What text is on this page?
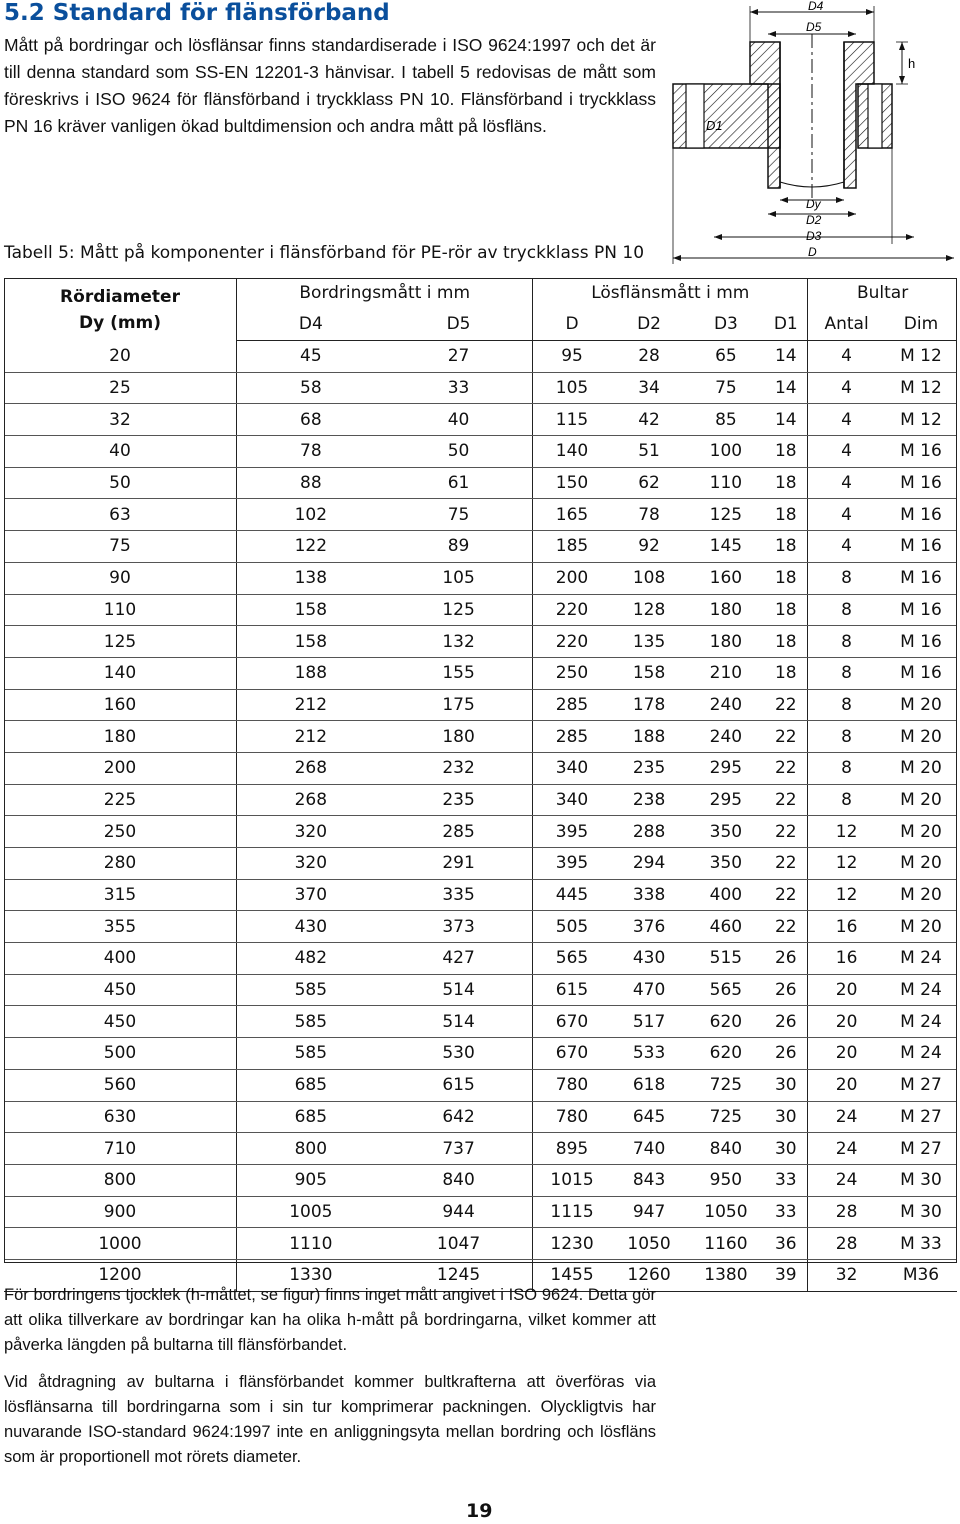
5.2 Standard för flänsförband

Mått på bordringar och lösflänsar finns standardiserade i ISO 9624:1997 och det är till denna standard som SS-EN 12201-3 hänvisar. I tabell 5 redovisas de mått som föreskrivs i ISO 9624 för flänsförband i tryckklass PN 10. Flänsförband i tryckklass PN 16 kräver vanligen ökad bultdimension och andra mått på lösfläns.

D4
D5
h
D1
Dy
D2
D3
D

Tabell 5: Mått på komponenter i flänsförband för PE-rör av tryckklass PN 10

Rördiameter
Dy (mm)	Bordringsmått i mm		Lösflänsmått i mm				Bultar	
	D4	D5	D	D2	D3	D1	Antal	Dim
20	45	27	95	28	65	14	4	M 12
25	58	33	105	34	75	14	4	M 12
32	68	40	115	42	85	14	4	M 12
40	78	50	140	51	100	18	4	M 16
50	88	61	150	62	110	18	4	M 16
63	102	75	165	78	125	18	4	M 16
75	122	89	185	92	145	18	4	M 16
90	138	105	200	108	160	18	8	M 16
110	158	125	220	128	180	18	8	M 16
125	158	132	220	135	180	18	8	M 16
140	188	155	250	158	210	18	8	M 16
160	212	175	285	178	240	22	8	M 20
180	212	180	285	188	240	22	8	M 20
200	268	232	340	235	295	22	8	M 20
225	268	235	340	238	295	22	8	M 20
250	320	285	395	288	350	22	12	M 20
280	320	291	395	294	350	22	12	M 20
315	370	335	445	338	400	22	12	M 20
355	430	373	505	376	460	22	16	M 20
400	482	427	565	430	515	26	16	M 24
450	585	514	615	470	565	26	20	M 24
450	585	514	670	517	620	26	20	M 24
500	585	530	670	533	620	26	20	M 24
560	685	615	780	618	725	30	20	M 27
630	685	642	780	645	725	30	24	M 27
710	800	737	895	740	840	30	24	M 27
800	905	840	1015	843	950	33	24	M 30
900	1005	944	1115	947	1050	33	28	M 30
1000	1110	1047	1230	1050	1160	36	28	M 33
1200	1330	1245	1455	1260	1380	39	32	M36

För bordringens tjocklek (h-måttet, se figur) finns inget mått angivet i ISO 9624. Detta gör att olika tillverkare av bordringar kan ha olika h-mått på bordringarna, vilket kommer att påverka längden på bultarna till flänsförbandet.

Vid åtdragning av bultarna i flänsförbandet kommer bultkrafterna att överföras via lösflänsarna till bordringarna som i sin tur komprimerar packningen. Olyckligtvis har nuvarande ISO-standard 9624:1997 inte en anliggningsyta mellan bordring och lösfläns som är proportionell mot rörets diameter.

19
